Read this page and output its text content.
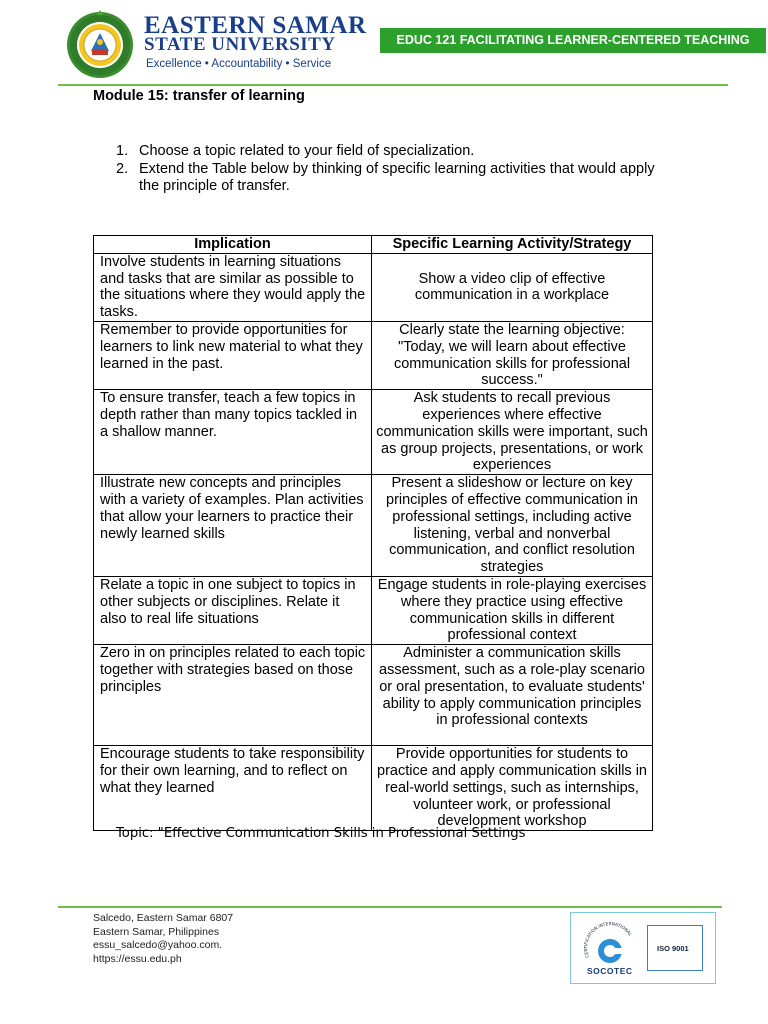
EASTERN SAMAR
STATE UNIVERSITY
Excellence • Accountability • Service
EDUC 121 FACILITATING LEARNER-CENTERED TEACHING
Module 15: transfer of learning
1. Choose a topic related to your field of specialization.
2. Extend the Table below by thinking of specific learning activities that would apply the principle of transfer.
Implication	Specific Learning Activity/Strategy
Involve students in learning situations and tasks that are similar as possible to the situations where they would apply the tasks.	Show a video clip of effective communication in a workplace
Remember to provide opportunities for learners to link new material to what they learned in the past.	Clearly state the learning objective: "Today, we will learn about effective communication skills for professional success."
To ensure transfer, teach a few topics in depth rather than many topics tackled in a shallow manner.	Ask students to recall previous experiences where effective communication skills were important, such as group projects, presentations, or work experiences
Illustrate new concepts and principles with a variety of examples. Plan activities that allow your learners to practice their newly learned skills	Present a slideshow or lecture on key principles of effective communication in professional settings, including active listening, verbal and nonverbal communication, and conflict resolution strategies
Relate a topic in one subject to topics in other subjects or disciplines. Relate it also to real life situations	Engage students in role-playing exercises where they practice using effective communication skills in different professional context
Zero in on principles related to each topic together with strategies based on those principles	Administer a communication skills assessment, such as a role-play scenario or oral presentation, to evaluate students' ability to apply communication principles in professional contexts
Encourage students to take responsibility for their own learning, and to reflect on what they learned	Provide opportunities for students to practice and apply communication skills in real-world settings, such as internships, volunteer work, or professional development workshop
Topic: "Effective Communication Skills in Professional Settings
Salcedo, Eastern Samar 6807
Eastern Samar, Philippines
essu_salcedo@yahoo.com.
https://essu.edu.ph	CERTIFICATION INTERNATIONAL
ISO 9001
SOCOTEC
